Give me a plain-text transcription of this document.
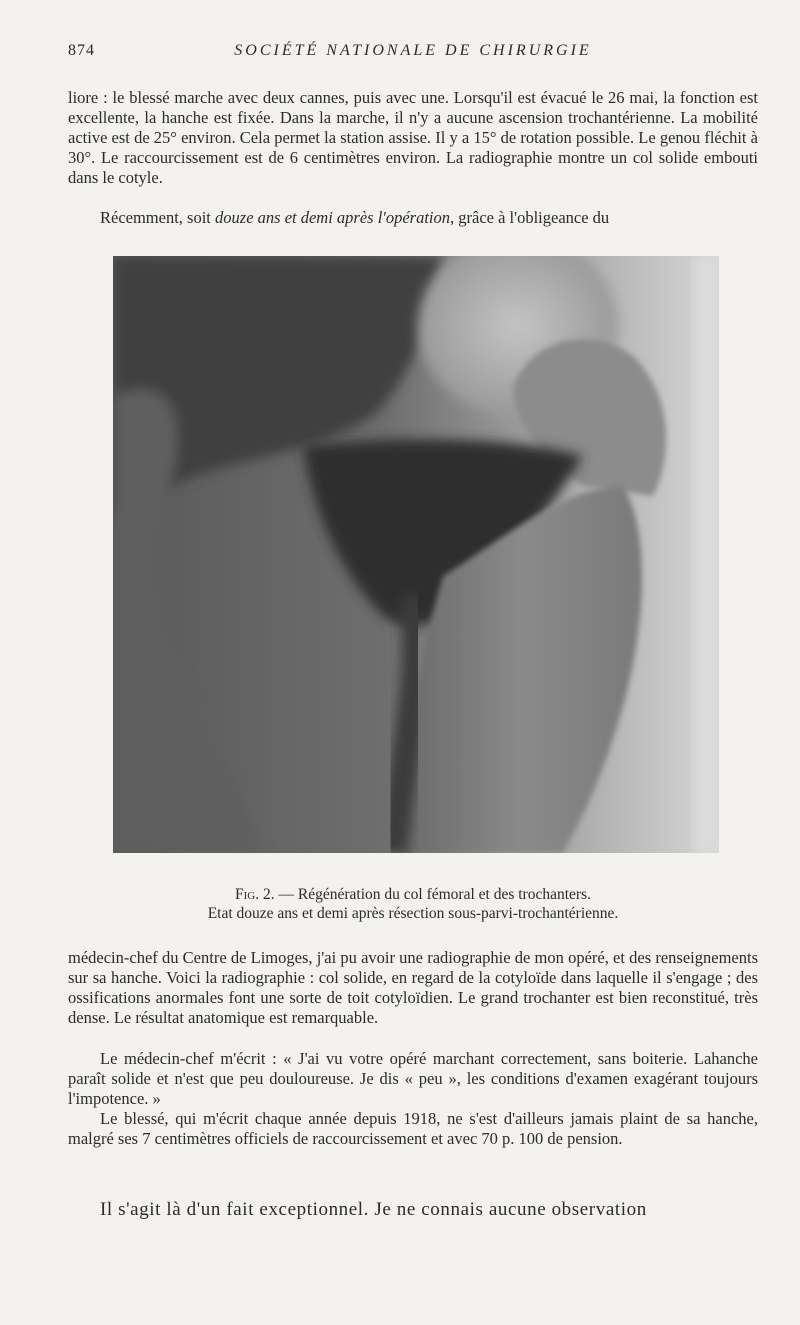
874	SOCIÉTÉ NATIONALE DE CHIRURGIE

liore : le blessé marche avec deux cannes, puis avec une. Lorsqu'il est évacué le 26 mai, la fonction est excellente, la hanche est fixée. Dans la marche, il n'y a aucune ascension trochantérienne. La mobilité active est de 25° environ. Cela permet la station assise. Il y a 15° de rotation possible. Le genou fléchit à 30°. Le raccourcissement est de 6 centimètres environ. La radiographie montre un col solide embouti dans le cotyle.

Récemment, soit douze ans et demi après l'opération, grâce à l'obligeance du

Fig. 2. — Régénération du col fémoral et des trochanters.
Etat douze ans et demi après résection sous-parvi-trochantérienne.

médecin-chef du Centre de Limoges, j'ai pu avoir une radiographie de mon opéré, et des renseignements sur sa hanche. Voici la radiographie : col solide, en regard de la cotyloïde dans laquelle il s'engage ; des ossifications anormales font une sorte de toit cotyloïdien. Le grand trochanter est bien reconstitué, très dense. Le résultat anatomique est remarquable.

Le médecin-chef m'écrit : « J'ai vu votre opéré marchant correctement, sans boiterie. Lahanche paraît solide et n'est que peu douloureuse. Je dis « peu », les conditions d'examen exagérant toujours l'impotence. »

Le blessé, qui m'écrit chaque année depuis 1918, ne s'est d'ailleurs jamais plaint de sa hanche, malgré ses 7 centimètres officiels de raccourcissement et avec 70 p. 100 de pension.

Il s'agit là d'un fait exceptionnel. Je ne connais aucune observation
